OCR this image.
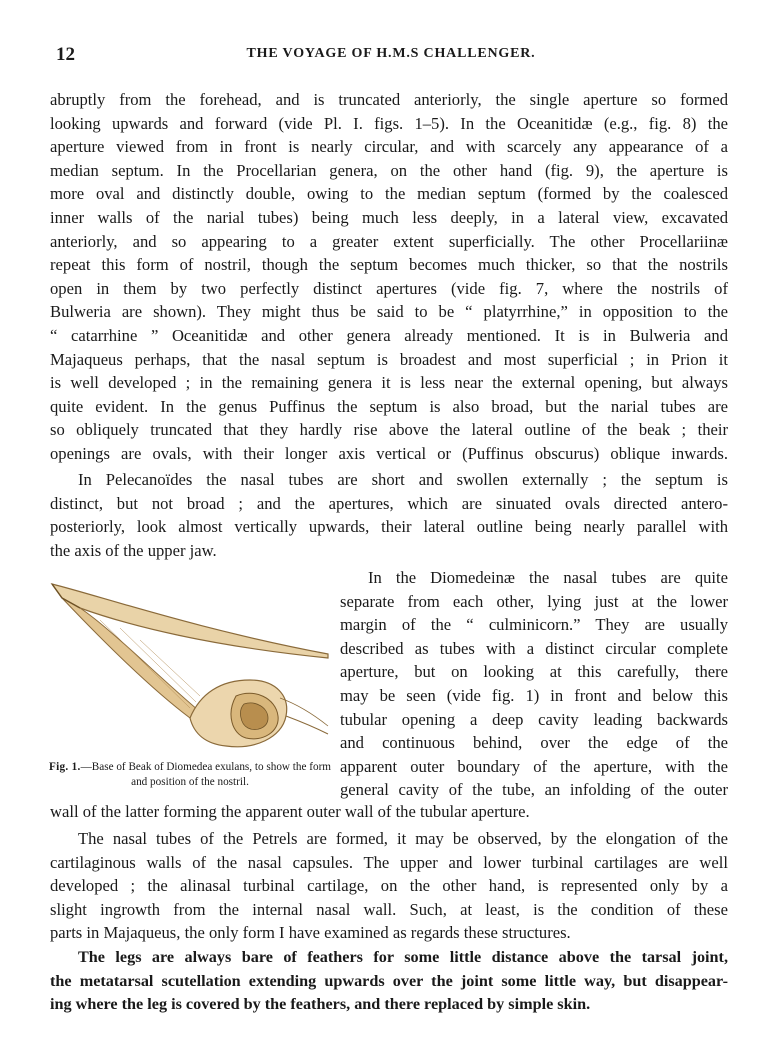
12	THE VOYAGE OF H.M.S CHALLENGER.

abruptly from the forehead, and is truncated anteriorly, the single aperture so formed
looking upwards and forward (vide Pl. I. figs. 1–5). In the Oceanitidæ (e.g., fig. 8) the
aperture viewed from in front is nearly circular, and with scarcely any appearance of a
median septum. In the Procellarian genera, on the other hand (fig. 9), the aperture is
more oval and distinctly double, owing to the median septum (formed by the coalesced
inner walls of the narial tubes) being much less deeply, in a lateral view, excavated
anteriorly, and so appearing to a greater extent superficially. The other Procellariinæ
repeat this form of nostril, though the septum becomes much thicker, so that the nostrils
open in them by two perfectly distinct apertures (vide fig. 7, where the nostrils of
Bulweria are shown). They might thus be said to be “ platyrrhine,” in opposition to the
“ catarrhine ” Oceanitidæ and other genera already mentioned. It is in Bulweria and
Majaqueus perhaps, that the nasal septum is broadest and most superficial ; in Prion it
is well developed ; in the remaining genera it is less near the external opening, but always
quite evident. In the genus Puffinus the septum is also broad, but the narial tubes are
so obliquely truncated that they hardly rise above the lateral outline of the beak ; their
openings are ovals, with their longer axis vertical or (Puffinus obscurus) oblique inwards.

In Pelecanoïdes the nasal tubes are short and swollen externally ; the septum is
distinct, but not broad ; and the apertures, which are sinuated ovals directed antero-
posteriorly, look almost vertically upwards, their lateral outline being nearly parallel with
the axis of the upper jaw.

Fig. 1.—Base of Beak of Diomedea exulans, to show the form and position of the nostril.

In the Diomedeinæ the nasal tubes are quite
separate from each other, lying just at the lower
margin of the “ culminicorn.” They are usually
described as tubes with a distinct circular complete
aperture, but on looking at this carefully, there
may be seen (vide fig. 1) in front and below this
tubular opening a deep cavity leading backwards
and continuous behind, over the edge of the
apparent outer boundary of the aperture, with the
general cavity of the tube, an infolding of the outer

wall of the latter forming the apparent outer wall of the tubular aperture.

The nasal tubes of the Petrels are formed, it may be observed, by the elongation of the
cartilaginous walls of the nasal capsules. The upper and lower turbinal cartilages are well
developed ; the alinasal turbinal cartilage, on the other hand, is represented only by a
slight ingrowth from the internal nasal wall. Such, at least, is the condition of these
parts in Majaqueus, the only form I have examined as regards these structures.

The legs are always bare of feathers for some little distance above the tarsal joint,
the metatarsal scutellation extending upwards over the joint some little way, but disappear-
ing where the leg is covered by the feathers, and there replaced by simple skin.
